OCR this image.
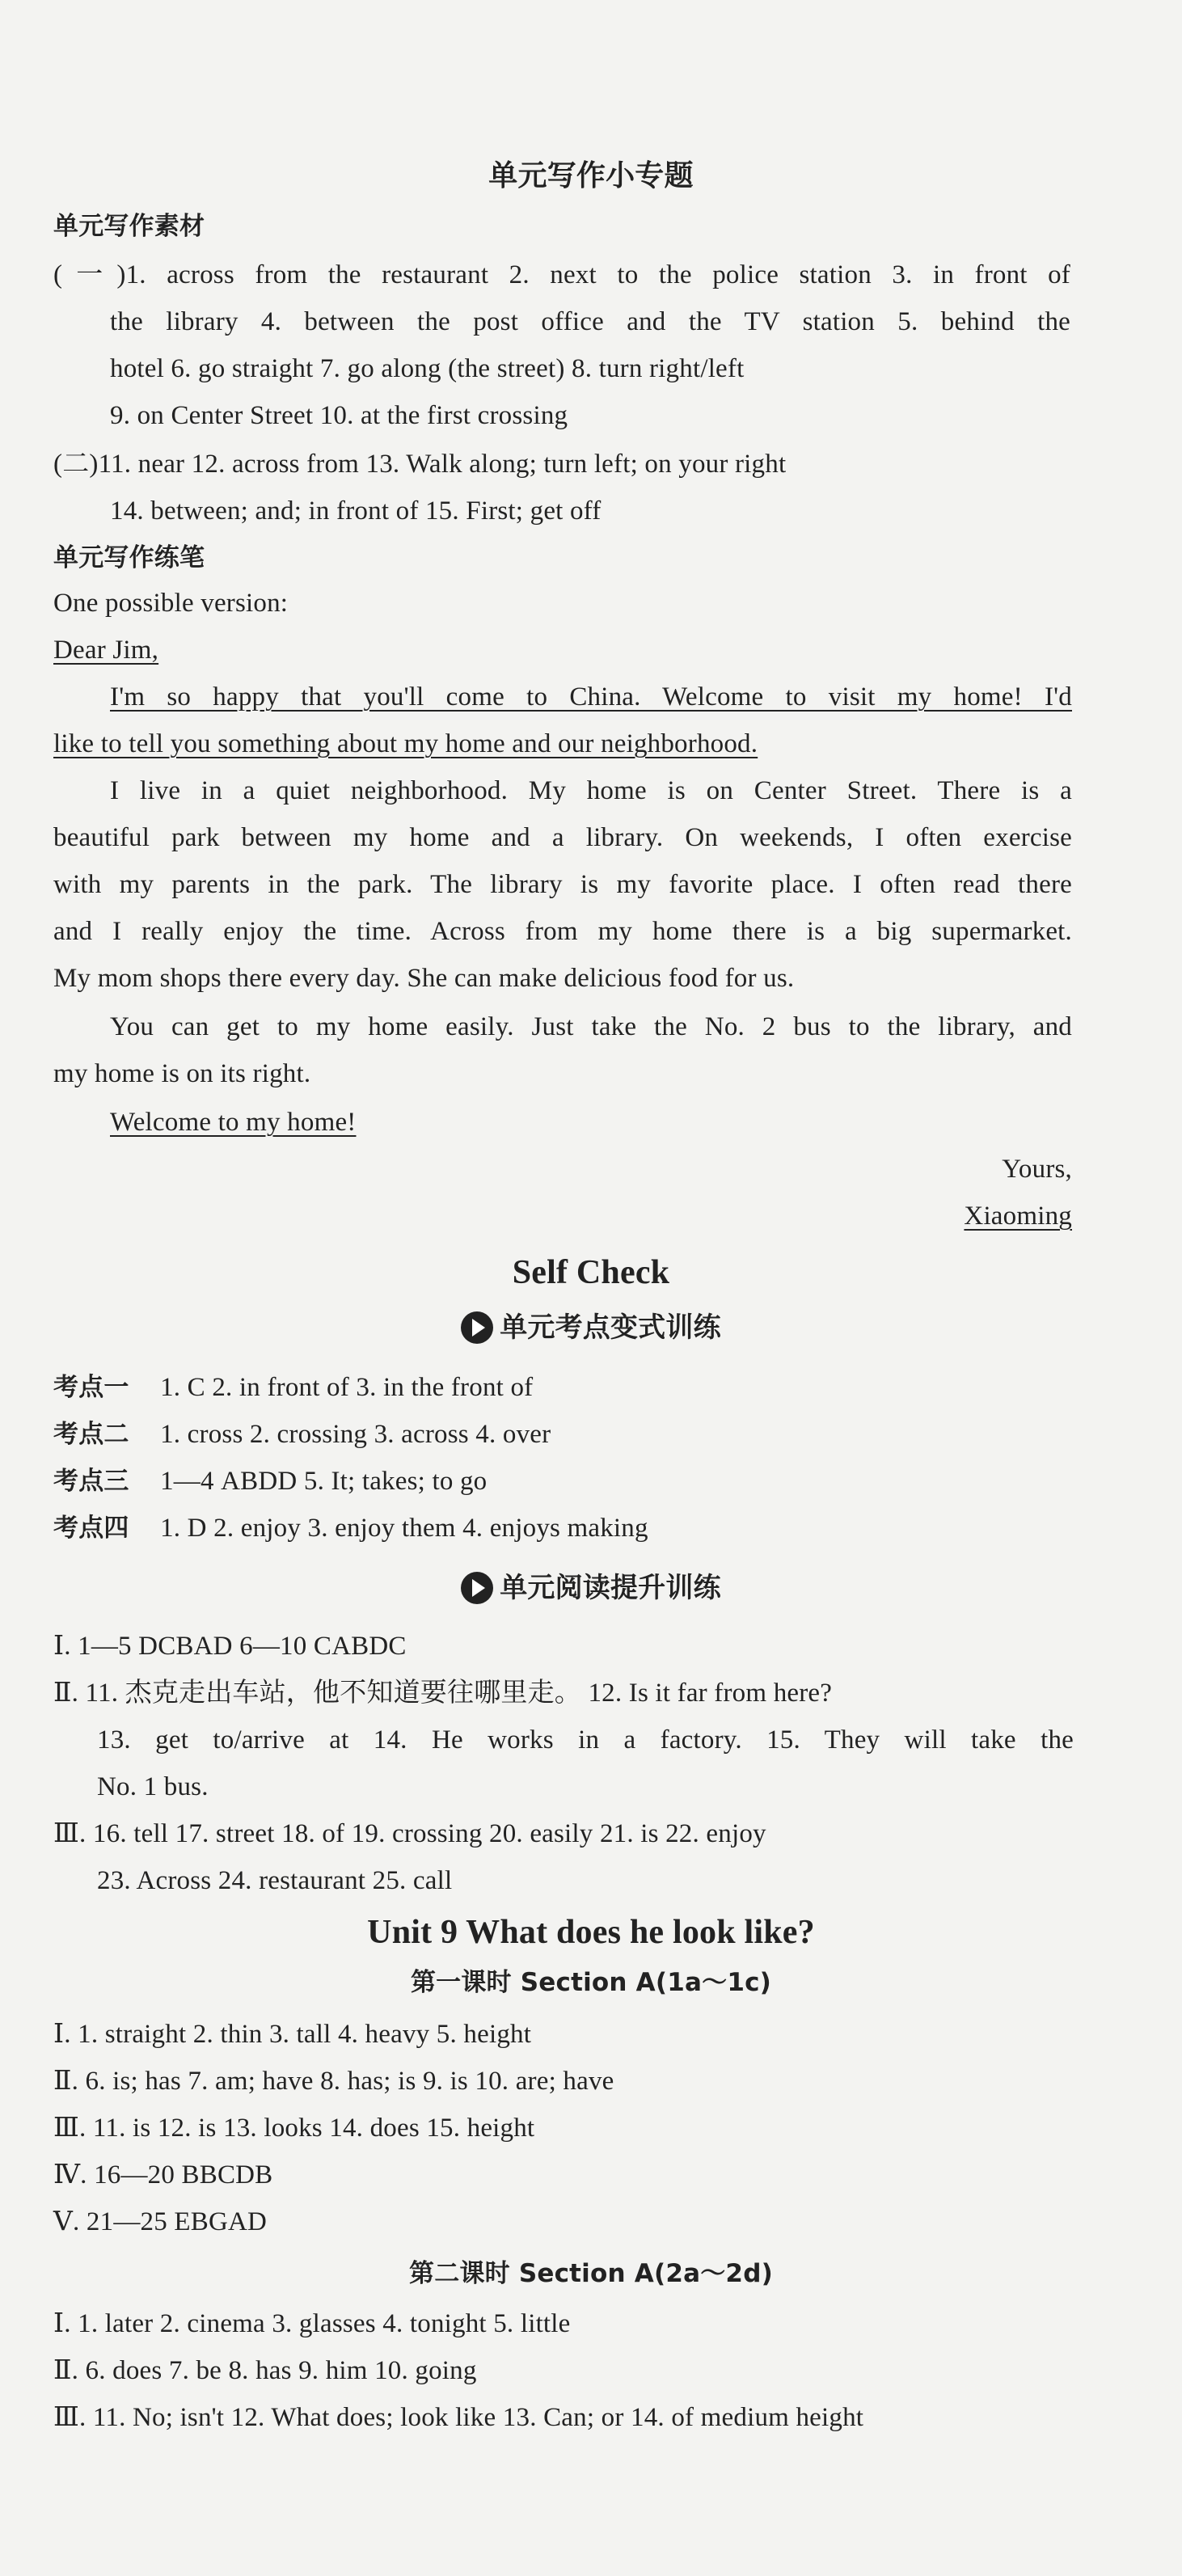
单元写作小专题
单元写作素材
(一)1. across from the restaurant 2. next to the police station 3. in front of
the library 4. between the post office and the TV station 5. behind the
hotel 6. go straight 7. go along (the street) 8. turn right/left
9. on Center Street 10. at the first crossing
(二)11. near 12. across from 13. Walk along; turn left; on your right
14. between; and; in front of 15. First; get off
单元写作练笔
One possible version:
Dear Jim,
I'm so happy that you'll come to China. Welcome to visit my home! I'd
like to tell you something about my home and our neighborhood.
I live in a quiet neighborhood. My home is on Center Street. There is a
beautiful park between my home and a library. On weekends, I often exercise
with my parents in the park. The library is my favorite place. I often read there
and I really enjoy the time. Across from my home there is a big supermarket.
My mom shops there every day. She can make delicious food for us.
You can get to my home easily. Just take the No. 2 bus to the library, and
my home is on its right.
Welcome to my home!
Yours,
Xiaoming
Self Check
单元考点变式训练
考点一 1. C 2. in front of 3. in the front of
考点二 1. cross 2. crossing 3. across 4. over
考点三 1—4 ABDD 5. It; takes; to go
考点四 1. D 2. enjoy 3. enjoy them 4. enjoys making
单元阅读提升训练
Ⅰ. 1—5 DCBAD 6—10 CABDC
Ⅱ. 11. 杰克走出车站，他不知道要往哪里走。 12. Is it far from here?
13. get to/arrive at 14. He works in a factory. 15. They will take the
No. 1 bus.
Ⅲ. 16. tell 17. street 18. of 19. crossing 20. easily 21. is 22. enjoy
23. Across 24. restaurant 25. call
Unit 9 What does he look like?
第一课时 Section A(1a～1c)
Ⅰ. 1. straight 2. thin 3. tall 4. heavy 5. height
Ⅱ. 6. is; has 7. am; have 8. has; is 9. is 10. are; have
Ⅲ. 11. is 12. is 13. looks 14. does 15. height
Ⅳ. 16—20 BBCDB
Ⅴ. 21—25 EBGAD
第二课时 Section A(2a～2d)
Ⅰ. 1. later 2. cinema 3. glasses 4. tonight 5. little
Ⅱ. 6. does 7. be 8. has 9. him 10. going
Ⅲ. 11. No; isn't 12. What does; look like 13. Can; or 14. of medium height
